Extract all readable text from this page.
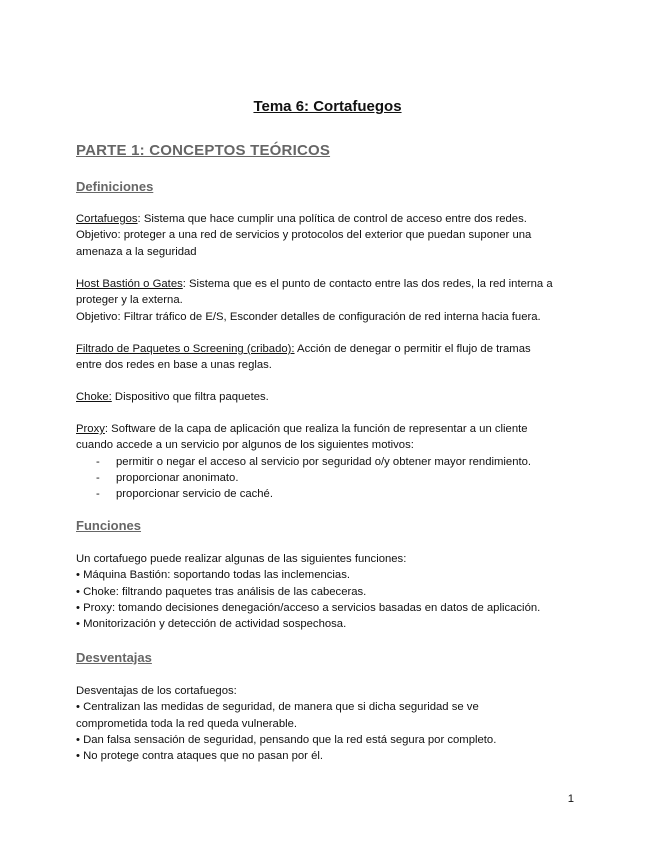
Tema 6: Cortafuegos
PARTE 1: CONCEPTOS TEÓRICOS
Definiciones
Cortafuegos: Sistema que hace cumplir una política de control de acceso entre dos redes.
Objetivo: proteger a una red de servicios y protocolos del exterior que puedan suponer una
amenaza a la seguridad
Host Bastión o Gates: Sistema que es el punto de contacto entre las dos redes, la red interna a
proteger y la externa.
Objetivo: Filtrar tráfico de E/S, Esconder detalles de configuración de red interna hacia fuera.
Filtrado de Paquetes o Screening (cribado): Acción de denegar o permitir el flujo de tramas
entre dos redes en base a unas reglas.
Choke: Dispositivo que filtra paquetes.
Proxy: Software de la capa de aplicación que realiza la función de representar a un cliente
cuando accede a un servicio por algunos de los siguientes motivos:
- permitir o negar el acceso al servicio por seguridad o/y obtener mayor rendimiento.
- proporcionar anonimato.
- proporcionar servicio de caché.
Funciones
Un cortafuego puede realizar algunas de las siguientes funciones:
• Máquina Bastión: soportando todas las inclemencias.
• Choke: filtrando paquetes tras análisis de las cabeceras.
• Proxy: tomando decisiones denegación/acceso a servicios basadas en datos de aplicación.
• Monitorización y detección de actividad sospechosa.
Desventajas
Desventajas de los cortafuegos:
• Centralizan las medidas de seguridad, de manera que si dicha seguridad se ve
comprometida toda la red queda vulnerable.
• Dan falsa sensación de seguridad, pensando que la red está segura por completo.
• No protege contra ataques que no pasan por él.
1
